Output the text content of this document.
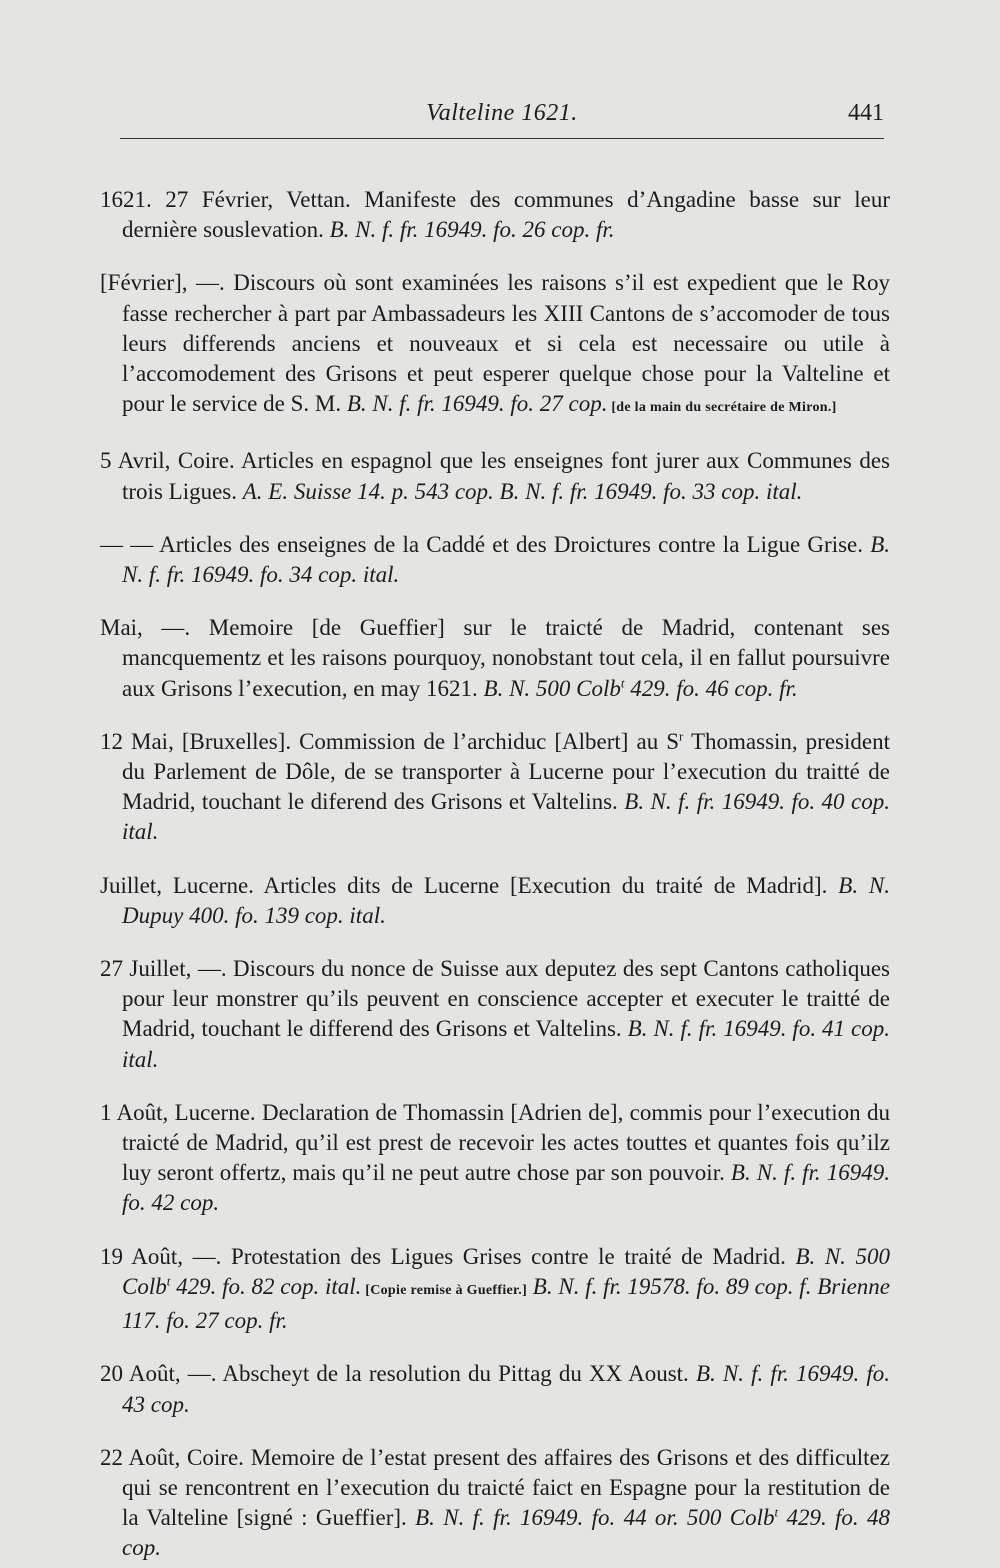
Valteline 1621.	441

1621. 27 Février, Vettan. Manifeste des communes d’Angadine basse sur leur dernière souslevation. B. N. f. fr. 16949. fo. 26 cop. fr.

[Février], —. Discours où sont examinées les raisons s’il est expedient que le Roy fasse rechercher à part par Ambassadeurs les XIII Cantons de s’accomoder de tous leurs differends anciens et nouveaux et si cela est necessaire ou utile à l’accomodement des Grisons et peut esperer quelque chose pour la Valteline et pour le service de S. M. B. N. f. fr. 16949. fo. 27 cop. [de la main du secrétaire de Miron.]

5 Avril, Coire. Articles en espagnol que les enseignes font jurer aux Communes des trois Ligues. A. E. Suisse 14. p. 543 cop. B. N. f. fr. 16949. fo. 33 cop. ital.

— — Articles des enseignes de la Caddé et des Droictures contre la Ligue Grise. B. N. f. fr. 16949. fo. 34 cop. ital.

Mai, —. Memoire [de Gueffier] sur le traicté de Madrid, contenant ses mancquementz et les raisons pourquoy, nonobstant tout cela, il en fallut poursuivre aux Grisons l’execution, en may 1621. B. N. 500 Colb$^t$ 429. fo. 46 cop. fr.

12 Mai, [Bruxelles]. Commission de l’archiduc [Albert] au $S^r$ Thomassin, president du Parlement de Dôle, de se transporter à Lucerne pour l’execution du traitté de Madrid, touchant le diferend des Grisons et Valtelins. B. N. f. fr. 16949. fo. 40 cop. ital.

Juillet, Lucerne. Articles dits de Lucerne [Execution du traité de Madrid]. B. N. Dupuy 400. fo. 139 cop. ital.

27 Juillet, —. Discours du nonce de Suisse aux deputez des sept Cantons catholiques pour leur monstrer qu’ils peuvent en conscience accepter et executer le traitté de Madrid, touchant le differend des Grisons et Valtelins. B. N. f. fr. 16949. fo. 41 cop. ital.

1 Août, Lucerne. Declaration de Thomassin [Adrien de], commis pour l’execution du traicté de Madrid, qu’il est prest de recevoir les actes touttes et quantes fois qu’ilz luy seront offertz, mais qu’il ne peut autre chose par son pouvoir. B. N. f. fr. 16949. fo. 42 cop.

19 Août, —. Protestation des Ligues Grises contre le traité de Madrid. B. N. 500 Colb$^t$ 429. fo. 82 cop. ital. [Copie remise à Gueffier.] B. N. f. fr. 19578. fo. 89 cop. f. Brienne 117. fo. 27 cop. fr.

20 Août, —. Abscheyt de la resolution du Pittag du XX Aoust. B. N. f. fr. 16949. fo. 43 cop.

22 Août, Coire. Memoire de l’estat present des affaires des Grisons et des difficultez qui se rencontrent en l’execution du traicté faict en Espagne pour la restitution de la Valteline [signé : Gueffier]. B. N. f. fr. 16949. fo. 44 or. 500 Colb$^t$ 429. fo. 48 cop.
